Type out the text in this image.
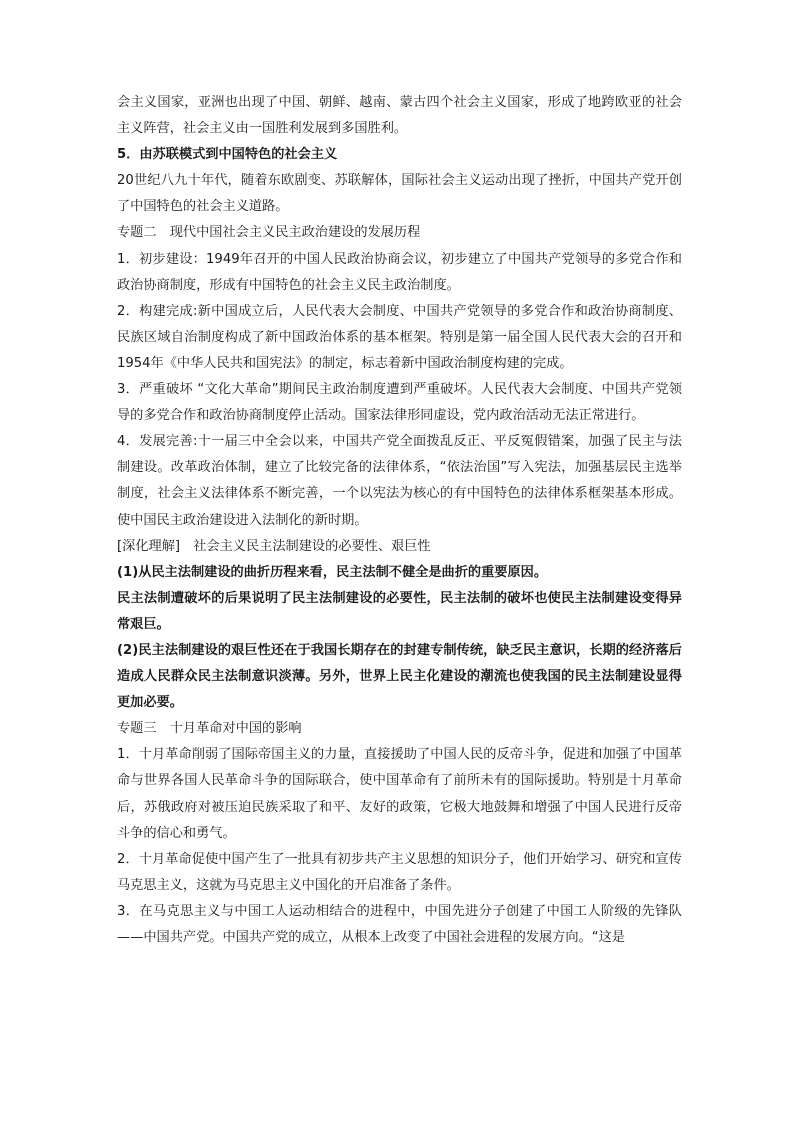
会主义国家，亚洲也出现了中国、朝鲜、越南、蒙古四个社会主义国家，形成了地跨欧亚的社会主义阵营，社会主义由一国胜利发展到多国胜利。

5．由苏联模式到中国特色的社会主义

20世纪八九十年代，随着东欧剧变、苏联解体，国际社会主义运动出现了挫折，中国共产党开创了中国特色的社会主义道路。

专题二　现代中国社会主义民主政治建设的发展历程

1．初步建设：1949年召开的中国人民政治协商会议，初步建立了中国共产党领导的多党合作和政治协商制度，形成有中国特色的社会主义民主政治制度。

2．构建完成:新中国成立后，人民代表大会制度、中国共产党领导的多党合作和政治协商制度、民族区域自治制度构成了新中国政治体系的基本框架。特别是第一届全国人民代表大会的召开和1954年《中华人民共和国宪法》的制定，标志着新中国政治制度构建的完成。

3．严重破坏 “文化大革命”期间民主政治制度遭到严重破坏。人民代表大会制度、中国共产党领导的多党合作和政治协商制度停止活动。国家法律形同虚设，党内政治活动无法正常进行。

4．发展完善:十一届三中全会以来，中国共产党全面拨乱反正、平反冤假错案，加强了民主与法制建设。改革政治体制，建立了比较完备的法律体系，“依法治国”写入宪法，加强基层民主选举制度，社会主义法律体系不断完善，一个以宪法为核心的有中国特色的法律体系框架基本形成。使中国民主政治建设进入法制化的新时期。

[深化理解]　社会主义民主法制建设的必要性、艰巨性

(1)从民主法制建设的曲折历程来看，民主法制不健全是曲折的重要原因。

民主法制遭破坏的后果说明了民主法制建设的必要性，民主法制的破坏也使民主法制建设变得异常艰巨。

(2)民主法制建设的艰巨性还在于我国长期存在的封建专制传统，缺乏民主意识，长期的经济落后造成人民群众民主法制意识淡薄。另外，世界上民主化建设的潮流也使我国的民主法制建设显得更加必要。

专题三　十月革命对中国的影响

1．十月革命削弱了国际帝国主义的力量，直接援助了中国人民的反帝斗争，促进和加强了中国革命与世界各国人民革命斗争的国际联合，使中国革命有了前所未有的国际援助。特别是十月革命后，苏俄政府对被压迫民族采取了和平、友好的政策，它极大地鼓舞和增强了中国人民进行反帝斗争的信心和勇气。

2．十月革命促使中国产生了一批具有初步共产主义思想的知识分子，他们开始学习、研究和宣传马克思主义，这就为马克思主义中国化的开启准备了条件。

3．在马克思主义与中国工人运动相结合的进程中，中国先进分子创建了中国工人阶级的先锋队——中国共产党。中国共产党的成立，从根本上改变了中国社会进程的发展方向。“这是
